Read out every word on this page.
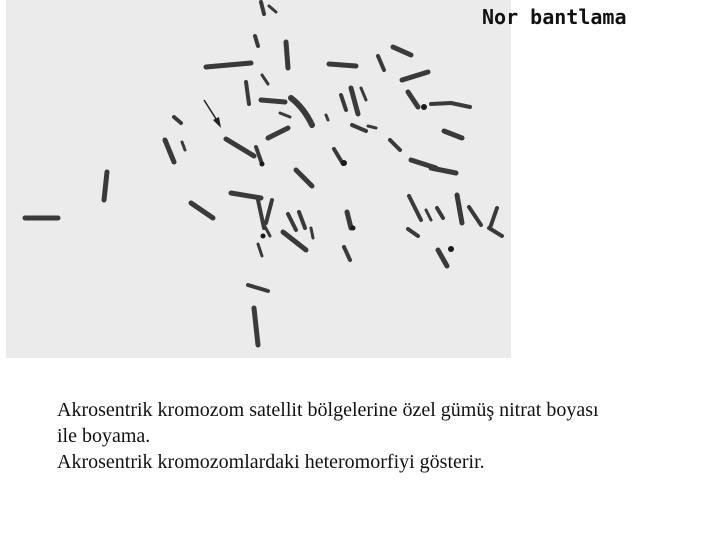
Nor bantlama
Akrosentrik kromozom satellit bölgelerine özel gümüş nitrat boyası
ile boyama.
Akrosentrik kromozomlardaki heteromorfiyi gösterir.
